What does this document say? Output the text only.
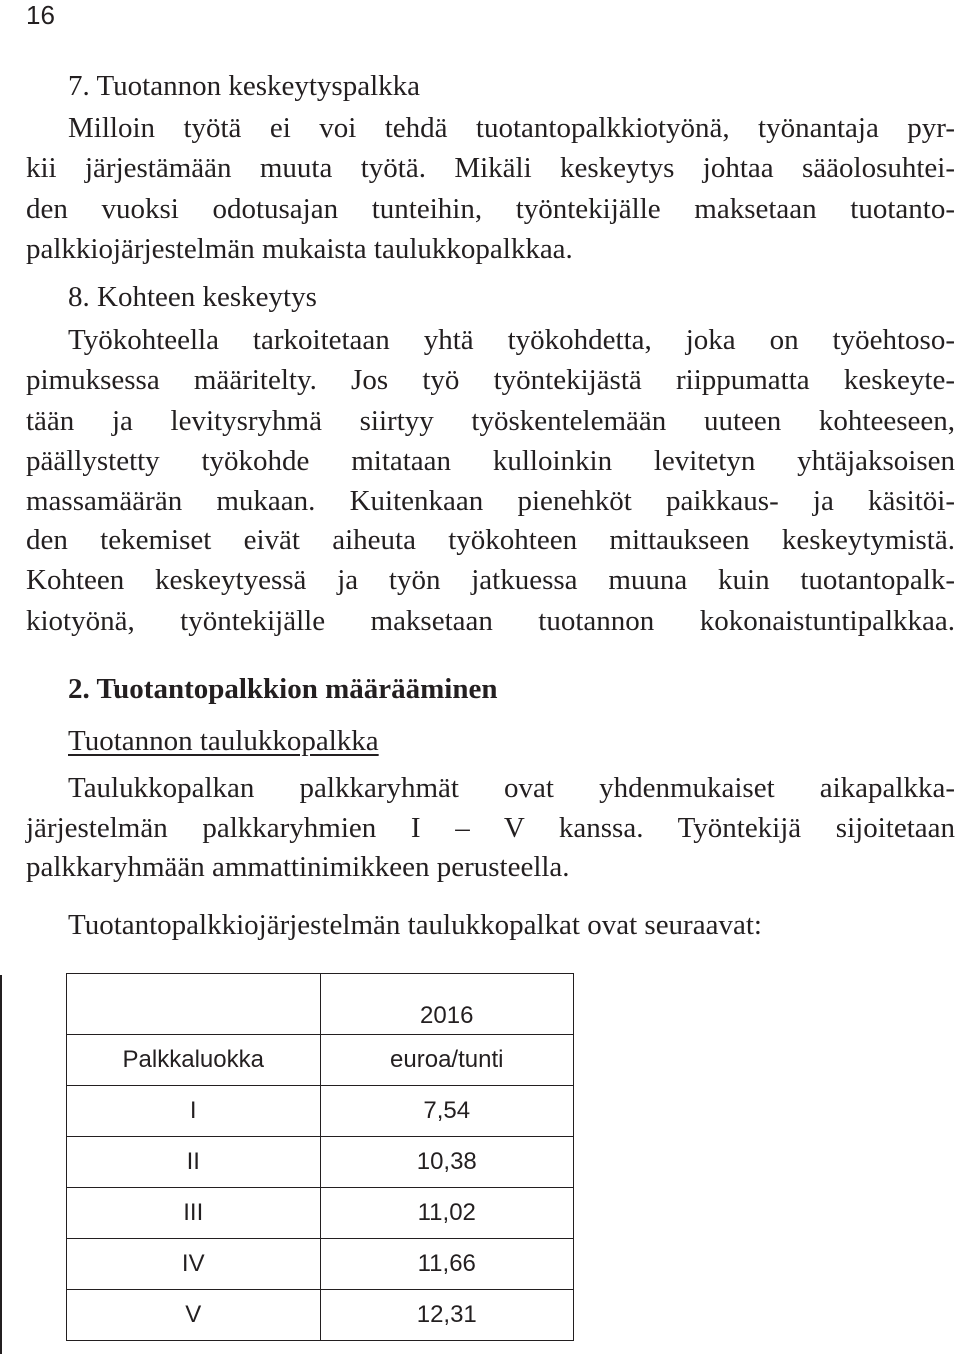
16
7. Tuotannon keskeytyspalkka
Milloin työtä ei voi tehdä tuotantopalkkiotyönä, työnantaja pyr-
kii järjestämään muuta työtä. Mikäli keskeytys johtaa sääolosuhtei-
den vuoksi odotusajan tunteihin, työntekijälle maksetaan tuotanto-
palkkiojärjestelmän mukaista taulukkopalkkaa.
8. Kohteen keskeytys
Työkohteella tarkoitetaan yhtä työkohdetta, joka on työehtoso-
pimuksessa määritelty. Jos työ työntekijästä riippumatta keskeyte-
tään ja levitysryhmä siirtyy työskentelemään uuteen kohteeseen,
päällystetty työkohde mitataan kulloinkin levitetyn yhtäjaksoisen
massamäärän mukaan. Kuitenkaan pienehköt paikkaus- ja käsitöi-
den tekemiset eivät aiheuta työkohteen mittaukseen keskeytymistä.
Kohteen keskeytyessä ja työn jatkuessa muuna kuin tuotantopalk-
kiotyönä, työntekijälle maksetaan tuotannon kokonaistuntipalkkaa.
2. Tuotantopalkkion määrääminen
Tuotannon taulukkopalkka
Taulukkopalkan palkkaryhmät ovat yhdenmukaiset aikapalkka-
järjestelmän palkkaryhmien I – V kanssa. Työntekijä sijoitetaan
palkkaryhmään ammattinimikkeen perusteella.
Tuotantopalkkiojärjestelmän taulukkopalkat ovat seuraavat:
	2016
Palkkaluokka	euroa/tunti
I	7,54
II	10,38
III	11,02
IV	11,66
V	12,31
